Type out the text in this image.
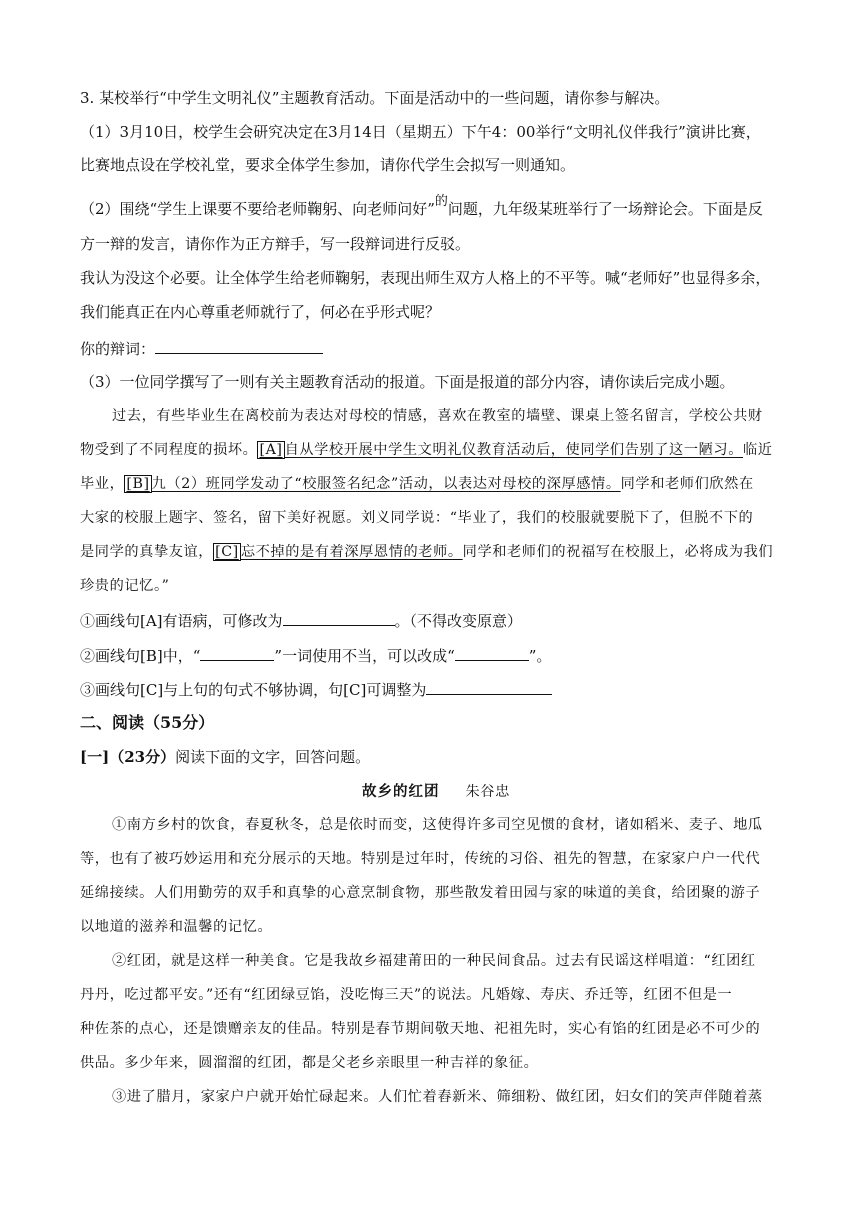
3. 某校举行“中学生文明礼仪”主题教育活动。下面是活动中的一些问题，请你参与解决。
（1）3月10日，校学生会研究决定在3月14日（星期五）下午4：00举行“文明礼仪伴我行”演讲比赛，
比赛地点设在学校礼堂，要求全体学生参加，请你代学生会拟写一则通知。
（2）围绕“学生上课要不要给老师鞠躬、向老师问好”的问题，九年级某班举行了一场辩论会。下面是反
方一辩的发言，请你作为正方辩手，写一段辩词进行反驳。
我认为没这个必要。让全体学生给老师鞠躬，表现出师生双方人格上的不平等。喊“老师好”也显得多余，
我们能真正在内心尊重老师就行了，何必在乎形式呢？
你的辩词：
（3）一位同学撰写了一则有关主题教育活动的报道。下面是报道的部分内容，请你读后完成小题。
过去，有些毕业生在离校前为表达对母校的情感，喜欢在教室的墙壁、课桌上签名留言，学校公共财
物受到了不同程度的损坏。 [A] 自从学校开展中学生文明礼仪教育活动后，使同学们告别了这一陋习。临近
毕业， [B] 九（2）班同学发动了“校服签名纪念”活动，以表达对母校的深厚感情。同学和老师们欣然在
大家的校服上题字、签名，留下美好祝愿。刘义同学说：“毕业了，我们的校服就要脱下了，但脱不下的
是同学的真挚友谊， [C] 忘不掉的是有着深厚恩情的老师。同学和老师们的祝福写在校服上，必将成为我们
珍贵的记忆。”
①画线句[A]有语病，可修改为	。（不得改变原意）
②画线句[B]中，“	”一词使用不当，可以改成“	”。
③画线句[C]与上句的句式不够协调，句[C]可调整为
二、阅读（55分）
[一]（23分）阅读下面的文字，回答问题。
故乡的红团 朱谷忠
①南方乡村的饮食，春夏秋冬，总是依时而变，这使得许多司空见惯的食材，诸如稻米、麦子、地瓜
等，也有了被巧妙运用和充分展示的天地。特别是过年时，传统的习俗、祖先的智慧，在家家户户一代代
延绵接续。人们用勤劳的双手和真挚的心意烹制食物，那些散发着田园与家的味道的美食，给团聚的游子
以地道的滋养和温馨的记忆。
②红团，就是这样一种美食。它是我故乡福建莆田的一种民间食品。过去有民谣这样唱道：“红团红
丹丹，吃过都平安。”还有“红团绿豆馅，没吃悔三天”的说法。凡婚嫁、寿庆、乔迁等，红团不但是一
种佐茶的点心，还是馈赠亲友的佳品。特别是春节期间敬天地、祀祖先时，实心有馅的红团是必不可少的
供品。多少年来，圆溜溜的红团，都是父老乡亲眼里一种吉祥的象征。
③进了腊月，家家户户就开始忙碌起来。人们忙着舂新米、筛细粉、做红团，妇女们的笑声伴随着蒸
